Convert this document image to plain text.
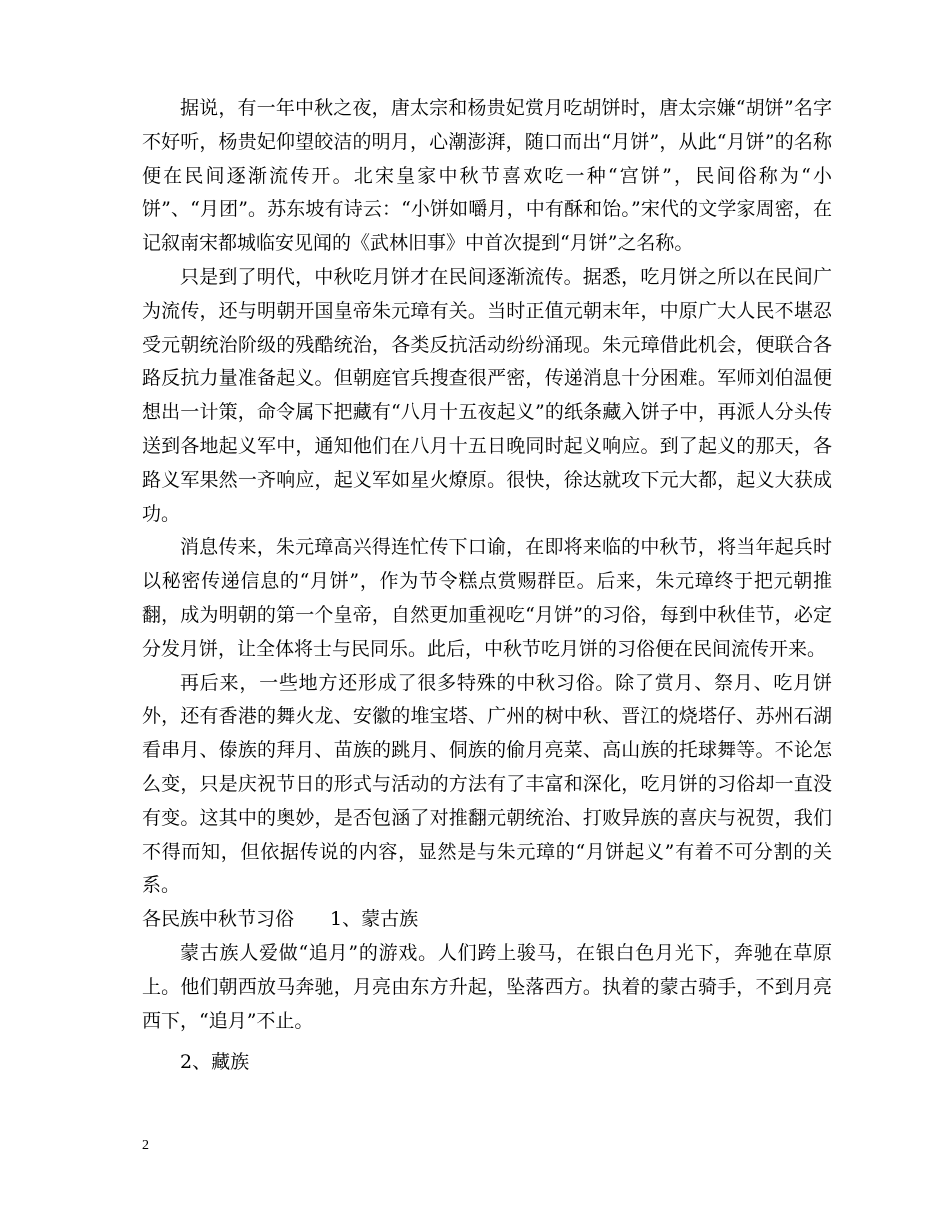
据说，有一年中秋之夜，唐太宗和杨贵妃赏月吃胡饼时，唐太宗嫌“胡饼”名字不好听，杨贵妃仰望皎洁的明月，心潮澎湃，随口而出“月饼”，从此“月饼”的名称便在民间逐渐流传开。北宋皇家中秋节喜欢吃一种“宫饼”，民间俗称为“小饼”、“月团”。苏东坡有诗云：“小饼如嚼月，中有酥和饴。”宋代的文学家周密，在记叙南宋都城临安见闻的《武林旧事》中首次提到“月饼”之名称。

只是到了明代，中秋吃月饼才在民间逐渐流传。据悉，吃月饼之所以在民间广为流传，还与明朝开国皇帝朱元璋有关。当时正值元朝末年，中原广大人民不堪忍受元朝统治阶级的残酷统治，各类反抗活动纷纷涌现。朱元璋借此机会，便联合各路反抗力量准备起义。但朝庭官兵搜查很严密，传递消息十分困难。军师刘伯温便想出一计策，命令属下把藏有“八月十五夜起义”的纸条藏入饼子中，再派人分头传送到各地起义军中，通知他们在八月十五日晚同时起义响应。到了起义的那天，各路义军果然一齐响应，起义军如星火燎原。很快，徐达就攻下元大都，起义大获成功。

消息传来，朱元璋高兴得连忙传下口谕，在即将来临的中秋节，将当年起兵时以秘密传递信息的“月饼”，作为节令糕点赏赐群臣。后来，朱元璋终于把元朝推翻，成为明朝的第一个皇帝，自然更加重视吃“月饼”的习俗，每到中秋佳节，必定分发月饼，让全体将士与民同乐。此后，中秋节吃月饼的习俗便在民间流传开来。

再后来，一些地方还形成了很多特殊的中秋习俗。除了赏月、祭月、吃月饼外，还有香港的舞火龙、安徽的堆宝塔、广州的树中秋、晋江的烧塔仔、苏州石湖看串月、傣族的拜月、苗族的跳月、侗族的偷月亮菜、高山族的托球舞等。不论怎么变，只是庆祝节日的形式与活动的方法有了丰富和深化，吃月饼的习俗却一直没有变。这其中的奥妙，是否包涵了对推翻元朝统治、打败异族的喜庆与祝贺，我们不得而知，但依据传说的内容，显然是与朱元璋的“月饼起义”有着不可分割的关系。

各民族中秋节习俗 1、蒙古族

蒙古族人爱做“追月”的游戏。人们跨上骏马，在银白色月光下，奔驰在草原上。他们朝西放马奔驰，月亮由东方升起，坠落西方。执着的蒙古骑手，不到月亮西下，“追月”不止。

2、藏族

2
